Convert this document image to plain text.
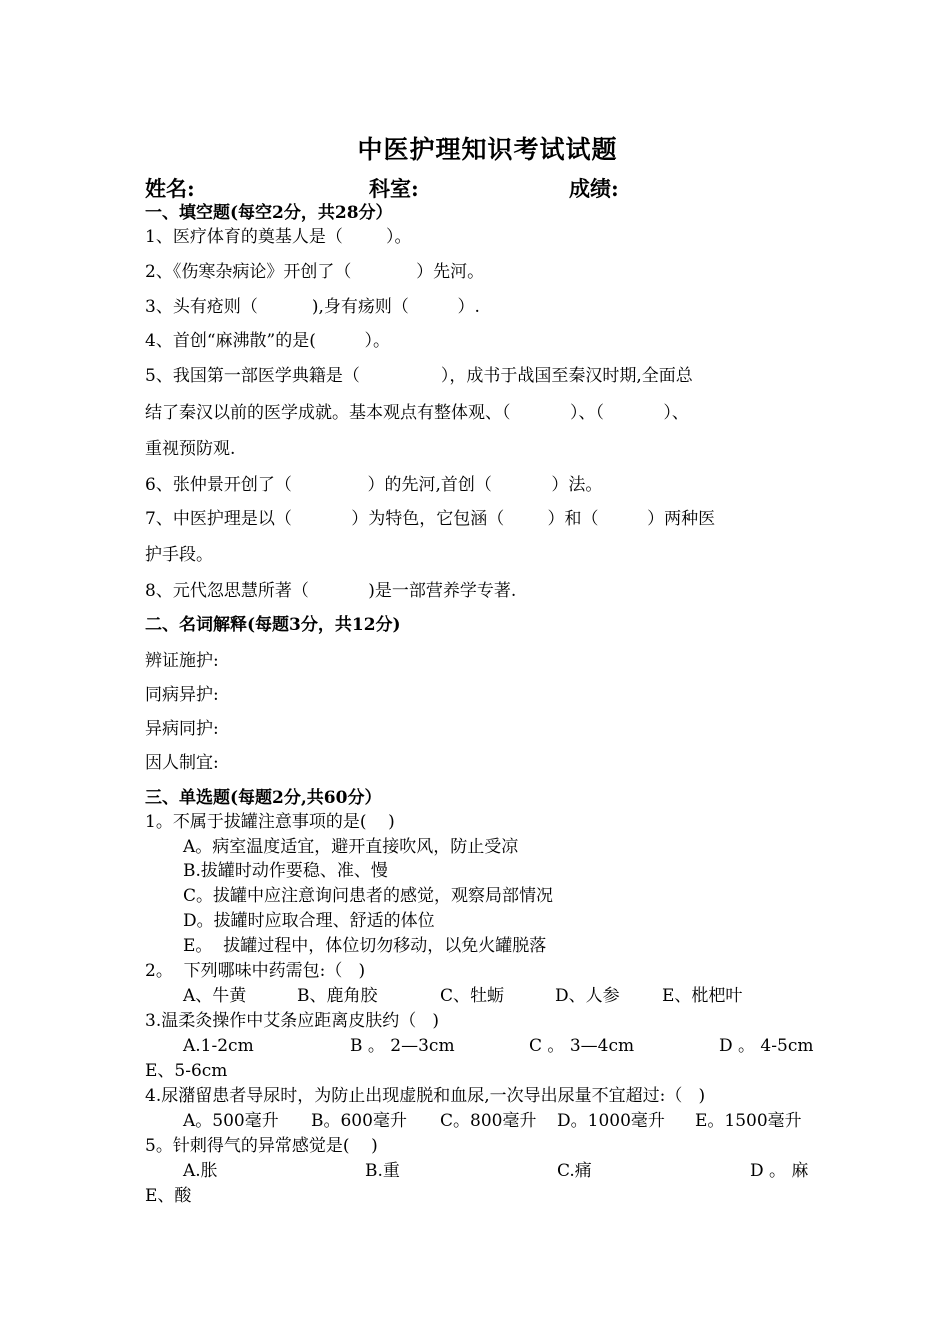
中医护理知识考试试题
姓名:	科室:	成绩:
一、填空题(每空2分，共28分）
1、医疗体育的奠基人是（        ）。
2、《伤寒杂病论》开创了（            ）先河。
3、头有疮则（          ),身有疡则（         ）.
4、首创“麻沸散”的是(         ）。
5、我国第一部医学典籍是（               ），成书于战国至秦汉时期,全面总
结了秦汉以前的医学成就。基本观点有整体观、（           ）、（           ）、
重视预防观.
6、张仲景开创了（              ）的先河,首创（           ）法。
7、中医护理是以（           ）为特色，它包涵（        ）和（         ）两种医
护手段。
8、元代忽思慧所著（           )是一部营养学专著.
二、名词解释(每题3分，共12分)
辨证施护:
同病异护:
异病同护:
因人制宜:
三、单选题(每题2分,共60分）
1。不属于拔罐注意事项的是(    )
A。病室温度适宜，避开直接吹风，防止受凉
B.拔罐时动作要稳、准、慢
C。拔罐中应注意询问患者的感觉，观察局部情况
D。拔罐时应取合理、舒适的体位
E。  拔罐过程中，体位切勿移动，以免火罐脱落
2。  下列哪味中药需包:（   )
A、牛黄	B、鹿角胶	C、牡蛎	D、人参 E、枇杷叶
3.温柔灸操作中艾条应距离皮肤约（   )
A.1-2cm	B 。 2—3cm	C 。 3—4cm	D 。 4-5cm
E、5-6cm
4.尿潴留患者导尿时，为防止出现虚脱和血尿,一次导出尿量不宜超过:（   )
A。500毫升 B。600毫升 C。800毫升 D。1000毫升 E。1500毫升
5。针刺得气的异常感觉是(    )
A.胀	B.重	C.痛	D 。 麻
E、酸
